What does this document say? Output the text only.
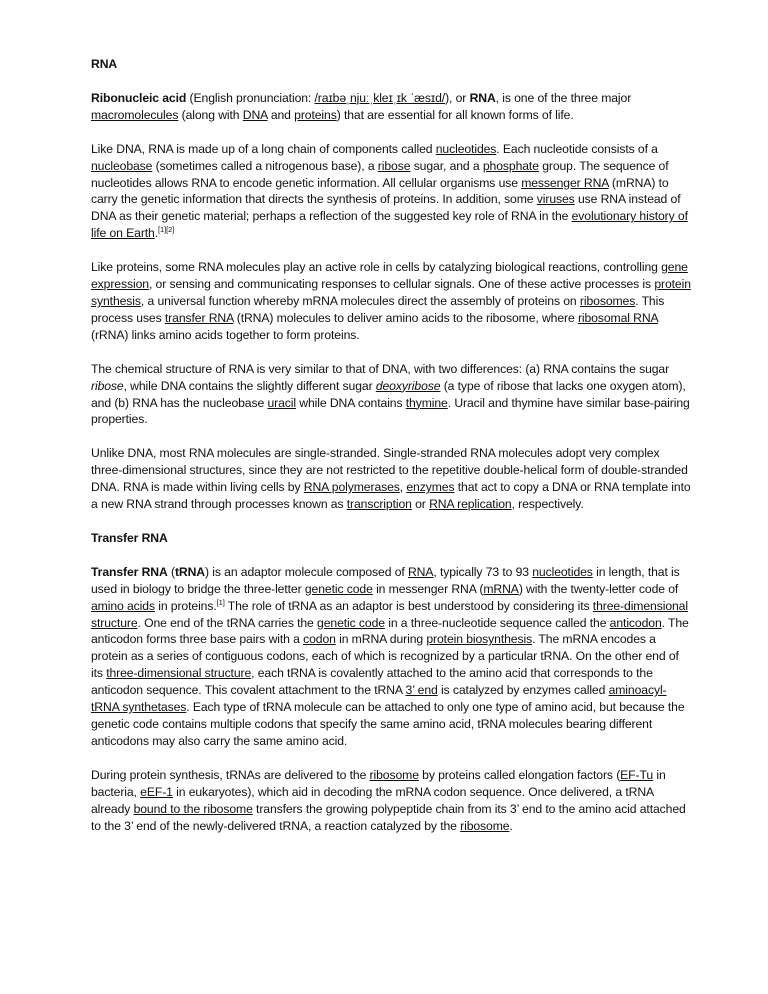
RNA

Ribonucleic acid (English pronunciation: /raɪbəˌnjuːˌkleɪˌɪk ˈæsɪd/), or RNA, is one of the three major macromolecules (along with DNA and proteins) that are essential for all known forms of life.

Like DNA, RNA is made up of a long chain of components called nucleotides. Each nucleotide consists of a nucleobase (sometimes called a nitrogenous base), a ribose sugar, and a phosphate group. The sequence of nucleotides allows RNA to encode genetic information. All cellular organisms use messenger RNA (mRNA) to carry the genetic information that directs the synthesis of proteins. In addition, some viruses use RNA instead of DNA as their genetic material; perhaps a reflection of the suggested key role of RNA in the evolutionary history of life on Earth.[1][2]

Like proteins, some RNA molecules play an active role in cells by catalyzing biological reactions, controlling gene expression, or sensing and communicating responses to cellular signals. One of these active processes is protein synthesis, a universal function whereby mRNA molecules direct the assembly of proteins on ribosomes. This process uses transfer RNA (tRNA) molecules to deliver amino acids to the ribosome, where ribosomal RNA (rRNA) links amino acids together to form proteins.

The chemical structure of RNA is very similar to that of DNA, with two differences: (a) RNA contains the sugar ribose, while DNA contains the slightly different sugar deoxyribose (a type of ribose that lacks one oxygen atom), and (b) RNA has the nucleobase uracil while DNA contains thymine. Uracil and thymine have similar base-pairing properties.

Unlike DNA, most RNA molecules are single-stranded. Single-stranded RNA molecules adopt very complex three-dimensional structures, since they are not restricted to the repetitive double-helical form of double-stranded DNA. RNA is made within living cells by RNA polymerases, enzymes that act to copy a DNA or RNA template into a new RNA strand through processes known as transcription or RNA replication, respectively.

Transfer RNA

Transfer RNA (tRNA) is an adaptor molecule composed of RNA, typically 73 to 93 nucleotides in length, that is used in biology to bridge the three-letter genetic code in messenger RNA (mRNA) with the twenty-letter code of amino acids in proteins.[1] The role of tRNA as an adaptor is best understood by considering its three-dimensional structure. One end of the tRNA carries the genetic code in a three-nucleotide sequence called the anticodon. The anticodon forms three base pairs with a codon in mRNA during protein biosynthesis. The mRNA encodes a protein as a series of contiguous codons, each of which is recognized by a particular tRNA. On the other end of its three-dimensional structure, each tRNA is covalently attached to the amino acid that corresponds to the anticodon sequence. This covalent attachment to the tRNA 3’ end is catalyzed by enzymes called aminoacyl-tRNA synthetases. Each type of tRNA molecule can be attached to only one type of amino acid, but because the genetic code contains multiple codons that specify the same amino acid, tRNA molecules bearing different anticodons may also carry the same amino acid.

During protein synthesis, tRNAs are delivered to the ribosome by proteins called elongation factors (EF-Tu in bacteria, eEF-1 in eukaryotes), which aid in decoding the mRNA codon sequence. Once delivered, a tRNA already bound to the ribosome transfers the growing polypeptide chain from its 3’ end to the amino acid attached to the 3’ end of the newly-delivered tRNA, a reaction catalyzed by the ribosome.
